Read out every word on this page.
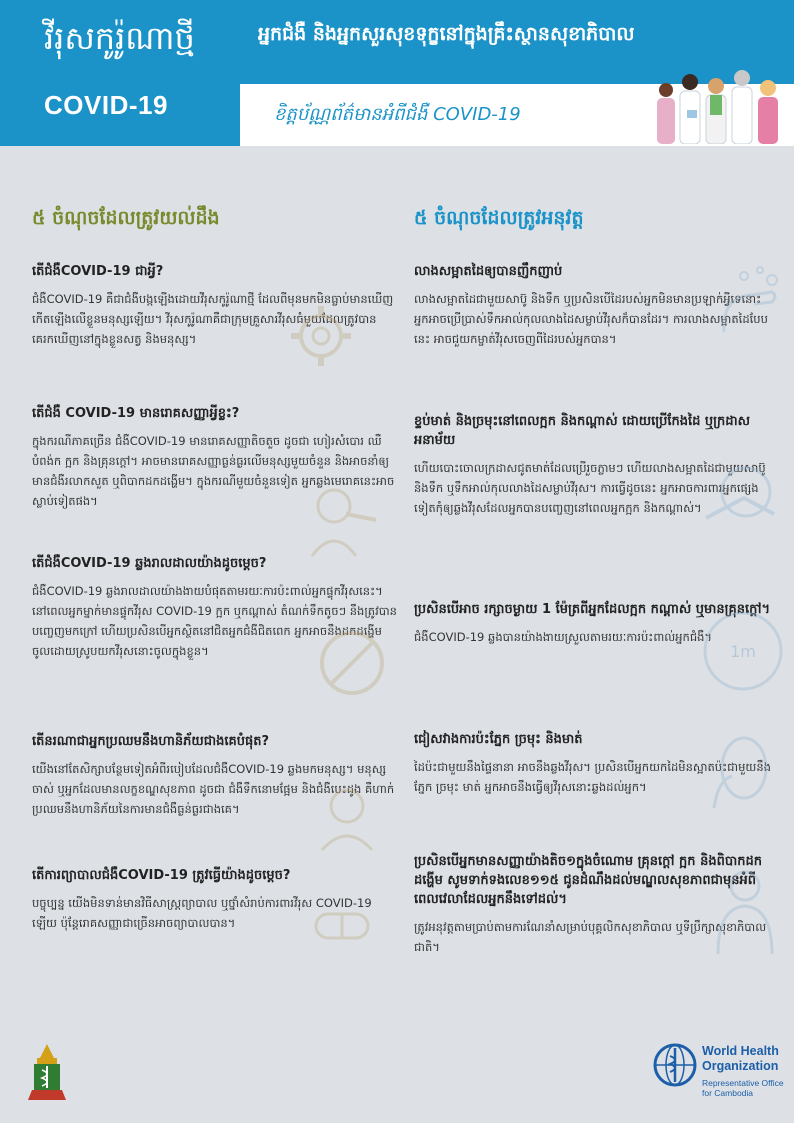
វីរុសកូរ៉ូណាថ្មី
COVID-19
អ្នកជំងឺ និងអ្នកសួរសុខទុក្ខនៅក្នុងគ្រឹះស្ថានសុខាភិបាល
ខិត្តប័ណ្ណព័ត៌មានអំពីជំងឺ COVID-19
៥ ចំណុចដែលត្រូវយល់ដឹង
តើជំងឺCOVID-19 ជាអ្វី?

ជំងឺCOVID-19 គឺជាជំងឺបង្កឡើងដោយវីរុសកូរ៉ូណាថ្មី ដែលពីមុនមកមិនធ្លាប់មានឃើញកើតឡើងលើខ្លួនមនុស្សឡើយ។ វីរុសកូរ៉ូណាគឺជាក្រុមគ្រួសារវីរុសធំមួយដែលត្រូវបានគេរកឃើញនៅក្នុងខ្លួនសត្វ និងមនុស្ស។

តើជំងឺ COVID-19 មានរោគសញ្ញាអ្វីខ្លះ?

ក្នុងករណីភាគច្រើន ជំងឺCOVID-19 មានរោគសញ្ញាតិចតួច ដូចជា ហៀរសំបោរ ឈឺបំពង់ក ក្អក និងគ្រុនក្តៅ។ អាចមានរោគសញ្ញាធ្ងន់ធ្ងរលើមនុស្សមួយចំនួន និងអាចនាំឲ្យមានជំងឺរលាកសួត ឬពិបាកដកដង្ហើម។ ក្នុងករណីមួយចំនួនទៀត អ្នកឆ្លងមេរោគនេះអាចស្លាប់ទៀតផង។

តើជំងឺCOVID-19 ឆ្លងរាលដាលយ៉ាងដូចម្តេច?

ជំងឺCOVID-19 ឆ្លងរាលដាលយ៉ាងងាយបំផុតតាមរយៈការប៉ះពាល់អ្នកផ្ទុកវីរុសនេះ។ នៅពេលអ្នកម្នាក់មានផ្ទុកវីរុស COVID-19 ក្អក ឬកណ្តាស់ តំណក់ទឹកតូចៗ នឹងត្រូវបានបញ្ចេញមកក្រៅ ហើយប្រសិនបើអ្នកស្ថិតនៅជិតអ្នកជំងឺជិតពេក អ្នកអាចនឹងដកដង្ហើមចូលដោយស្រូបយកវីរុសនោះចូលក្នុងខ្លួន។

តើនរណាជាអ្នកប្រឈមនឹងហានិភ័យជាងគេបំផុត?

យើងនៅតែសិក្សាបន្ថែមទៀតអំពីរបៀបដែលជំងឺCOVID-19 ឆ្លងមកមនុស្ស។ មនុស្សចាស់ ឬអ្នកដែលមានលក្ខខណ្ឌសុខភាព ដូចជា ជំងឺទឹកនោមផ្អែម និងជំងឺបេះដូង គឺហាក់ប្រឈមនឹងហានិភ័យនៃការមានជំងឺធ្ងន់ធ្ងរជាងគេ។

តើការព្យាបាលជំងឺCOVID-19 ត្រូវធ្វើយ៉ាងដូចម្តេច?

បច្ចុប្បន្ន យើងមិនទាន់មានវិធីសាស្ត្រព្យាបាល ឬថ្នាំសំរាប់ការពារវីរុស COVID-19 ឡើយ ប៉ុន្តែរោគសញ្ញាជាច្រើនអាចព្យាបាលបាន។

៥ ចំណុចដែលត្រូវអនុវត្ត
លាងសម្អាតដៃឲ្យបានញឹកញាប់

លាងសម្អាតដៃជាមួយសាប៊ូ និងទឹក ឬប្រសិនបើដៃរបស់អ្នកមិនមានប្រឡាក់អ្វីទេនោះ អ្នកអាចប្រើប្រាស់ទឹកអាល់កុលលាងដៃសម្លាប់វីរុសក៏បានដែរ។ ការលាងសម្អាតដៃបែបនេះ អាចជួយកម្ចាត់វីរុសចេញពីដៃរបស់អ្នកបាន។

ខ្ទប់មាត់ និងច្រមុះនៅពេលក្អក និងកណ្តាស់ ដោយប្រើកែងដៃ ឬក្រដាសអនាម័យ

ហើយបោះចោលក្រដាសជូតមាត់ដែលប្រើរួចភ្លាមៗ ហើយលាងសម្អាតដៃជាមួយសាប៊ូ និងទឹក ឬទឹកអាល់កុលលាងដៃសម្លាប់វីរុស។ ការធ្វើដូចនេះ អ្នកអាចការពារអ្នកផ្សេងទៀតកុំឲ្យឆ្លងវីរុសដែលអ្នកបានបញ្ចេញនៅពេលអ្នកក្អក និងកណ្តាស់។

1m
ប្រសិនបើអាច រក្សាចម្ងាយ 1 ម៉ែត្រពីអ្នកដែលក្អក កណ្តាស់ ឬមានគ្រុនក្តៅ។

ជំងឺCOVID-19 ឆ្លងបានយ៉ាងងាយស្រួលតាមរយៈការប៉ះពាល់អ្នកជំងឺ។

ជៀសវាងការប៉ះភ្នែក ច្រមុះ និងមាត់

ដៃប៉ះជាមួយនឹងផ្ទៃនានា អាចនឹងឆ្លងវីរុស។ ប្រសិនបើអ្នកយកដៃមិនស្អាតប៉ះជាមួយនឹងភ្នែក ច្រមុះ មាត់ អ្នកអាចនឹងធ្វើឲ្យវីរុសនោះឆ្លងដល់អ្នក។

ប្រសិនបើអ្នកមានសញ្ញាយ៉ាងតិច១ក្នុងចំណោម គ្រុនក្តៅ ក្អក និងពិបាកដកដង្ហើម សូមទាក់ទងលេខ១១៥ ជូនដំណឹងដល់មណ្ឌលសុខភាពជាមុនអំពីពេលវេលាដែលអ្នកនឹងទៅដល់។

ត្រូវអនុវត្តតាមប្រាប់តាមការណែនាំសម្រាប់បុគ្គលិកសុខាភិបាល ឬទីប្រឹក្សាសុខាភិបាលជាតិ។

World Health
Organization
Representative Office for Cambodia
